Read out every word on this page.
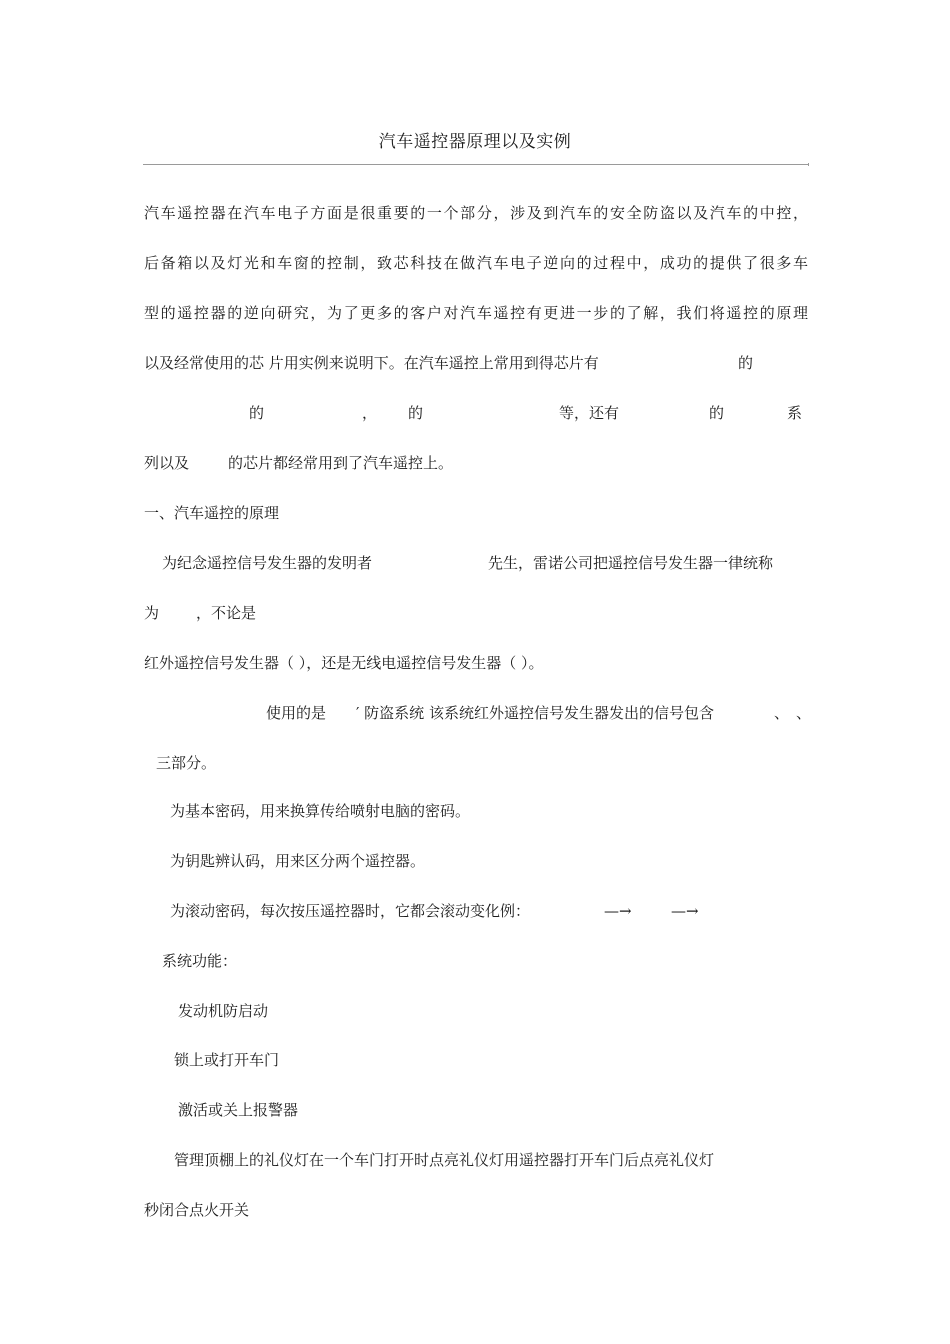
汽车遥控器原理以及实例
汽车遥控器在汽车电子方面是很重要的一个部分，涉及到汽车的安全防盗以及汽车的中控，
后备箱以及灯光和车窗的控制，致芯科技在做汽车电子逆向的过程中，成功的提供了很多车
型的遥控器的逆向研究，为了更多的客户对汽车遥控有更进一步的了解，我们将遥控的原理
以及经常使用的芯 片用实例来说明下。在汽车遥控上常用到得芯片有	的
的	， 的	等，还有	的	系
列以及	的芯片都经常用到了汽车遥控上。
一、汽车遥控的原理
为纪念遥控信号发生器的发明者	先生，雷诺公司把遥控信号发生器一律统称
为 ，不论是
红外遥控信号发生器（ ），还是无线电遥控信号发生器（ ）。
使用的是 ′ 防盗系统 该系统红外遥控信号发生器发出的信号包含	、 、
三部分。
为基本密码，用来换算传给喷射电脑的密码。
为钥匙辨认码，用来区分两个遥控器。
为滚动密码，每次按压遥控器时，它都会滚动变化例：	—→	—→
系统功能：
发动机防启动
锁上或打开车门
激活或关上报警器
管理顶棚上的礼仪灯在一个车门打开时点亮礼仪灯用遥控器打开车门后点亮礼仪灯
秒闭合点火开关
